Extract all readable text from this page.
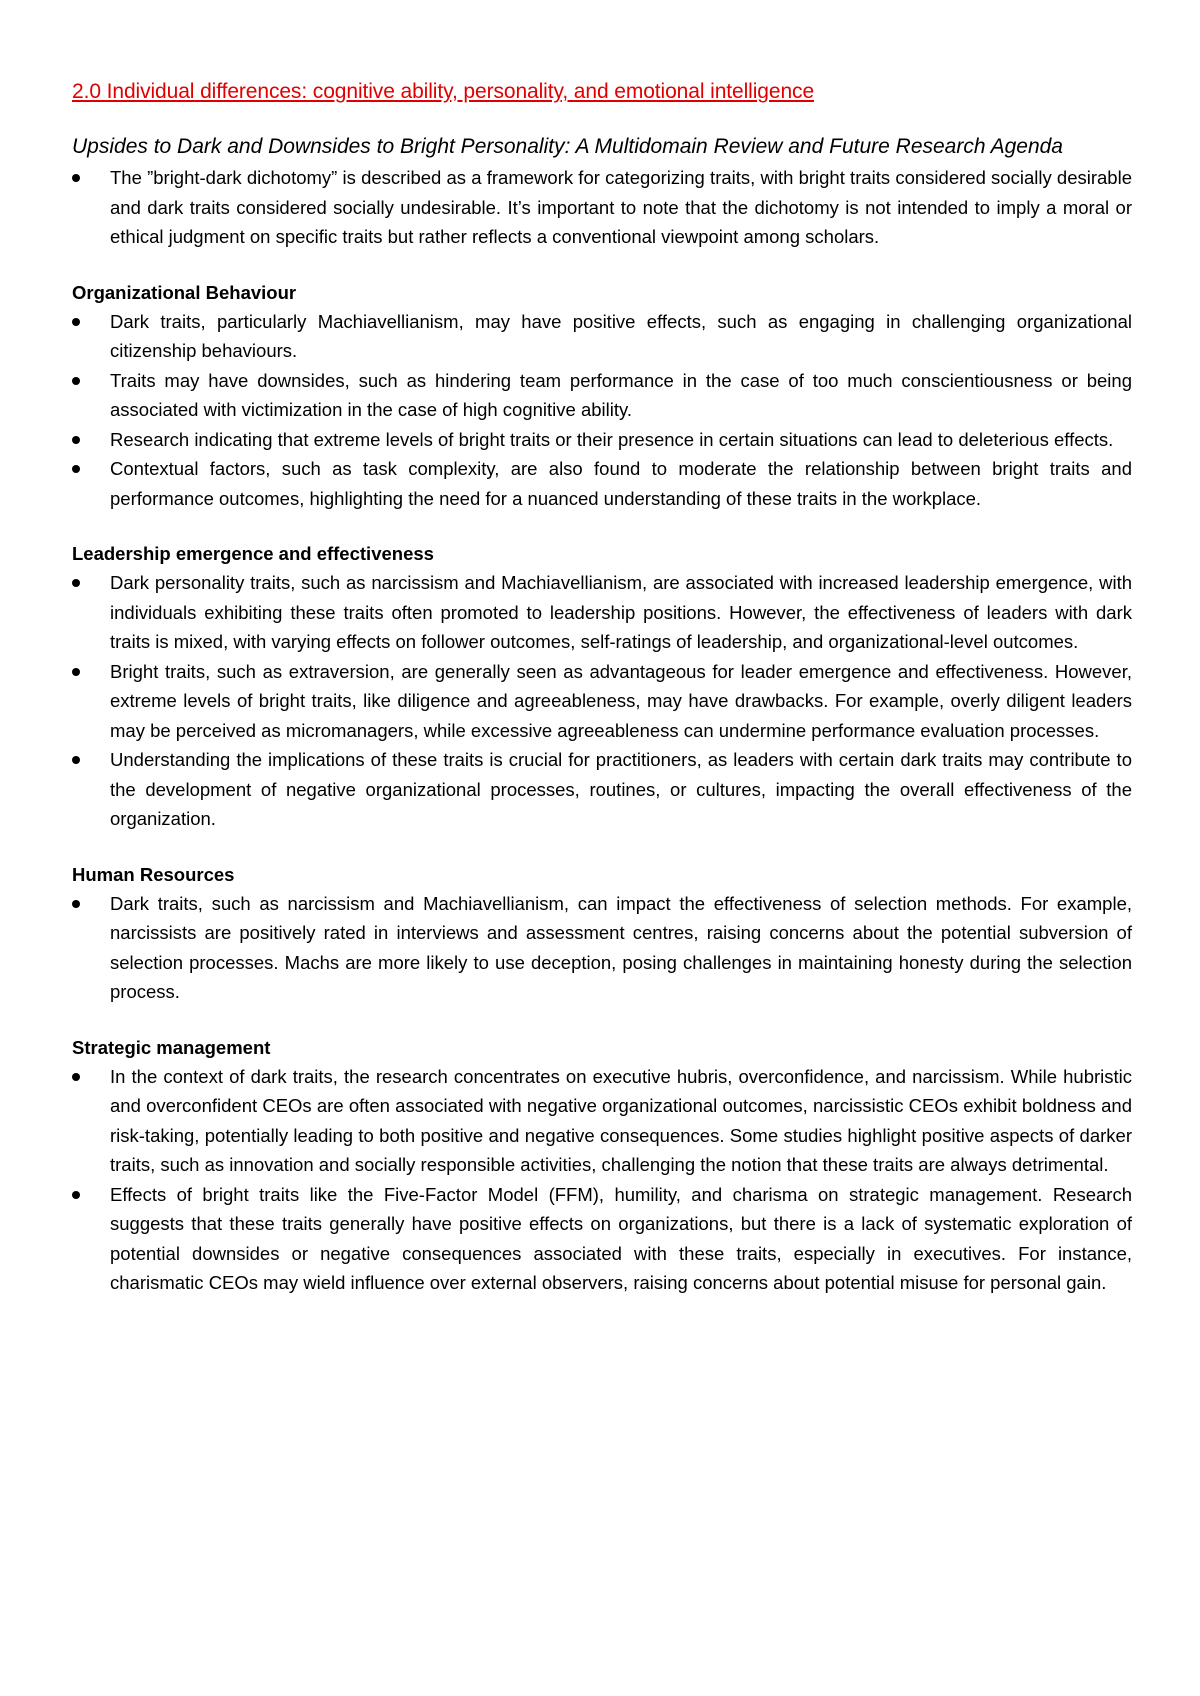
2.0 Individual differences: cognitive ability, personality, and emotional intelligence
Upsides to Dark and Downsides to Bright Personality: A Multidomain Review and Future Research Agenda
The ”bright-dark dichotomy” is described as a framework for categorizing traits, with bright traits considered socially desirable and dark traits considered socially undesirable. It’s important to note that the dichotomy is not intended to imply a moral or ethical judgment on specific traits but rather reflects a conventional viewpoint among scholars.
Organizational Behaviour
Dark traits, particularly Machiavellianism, may have positive effects, such as engaging in challenging organizational citizenship behaviours.
Traits may have downsides, such as hindering team performance in the case of too much conscientiousness or being associated with victimization in the case of high cognitive ability.
Research indicating that extreme levels of bright traits or their presence in certain situations can lead to deleterious effects.
Contextual factors, such as task complexity, are also found to moderate the relationship between bright traits and performance outcomes, highlighting the need for a nuanced understanding of these traits in the workplace.
Leadership emergence and effectiveness
Dark personality traits, such as narcissism and Machiavellianism, are associated with increased leadership emergence, with individuals exhibiting these traits often promoted to leadership positions. However, the effectiveness of leaders with dark traits is mixed, with varying effects on follower outcomes, self-ratings of leadership, and organizational-level outcomes.
Bright traits, such as extraversion, are generally seen as advantageous for leader emergence and effectiveness. However, extreme levels of bright traits, like diligence and agreeableness, may have drawbacks. For example, overly diligent leaders may be perceived as micromanagers, while excessive agreeableness can undermine performance evaluation processes.
Understanding the implications of these traits is crucial for practitioners, as leaders with certain dark traits may contribute to the development of negative organizational processes, routines, or cultures, impacting the overall effectiveness of the organization.
Human Resources
Dark traits, such as narcissism and Machiavellianism, can impact the effectiveness of selection methods. For example, narcissists are positively rated in interviews and assessment centres, raising concerns about the potential subversion of selection processes. Machs are more likely to use deception, posing challenges in maintaining honesty during the selection process.
Strategic management
In the context of dark traits, the research concentrates on executive hubris, overconfidence, and narcissism. While hubristic and overconfident CEOs are often associated with negative organizational outcomes, narcissistic CEOs exhibit boldness and risk-taking, potentially leading to both positive and negative consequences. Some studies highlight positive aspects of darker traits, such as innovation and socially responsible activities, challenging the notion that these traits are always detrimental.
Effects of bright traits like the Five-Factor Model (FFM), humility, and charisma on strategic management. Research suggests that these traits generally have positive effects on organizations, but there is a lack of systematic exploration of potential downsides or negative consequences associated with these traits, especially in executives. For instance, charismatic CEOs may wield influence over external observers, raising concerns about potential misuse for personal gain.
